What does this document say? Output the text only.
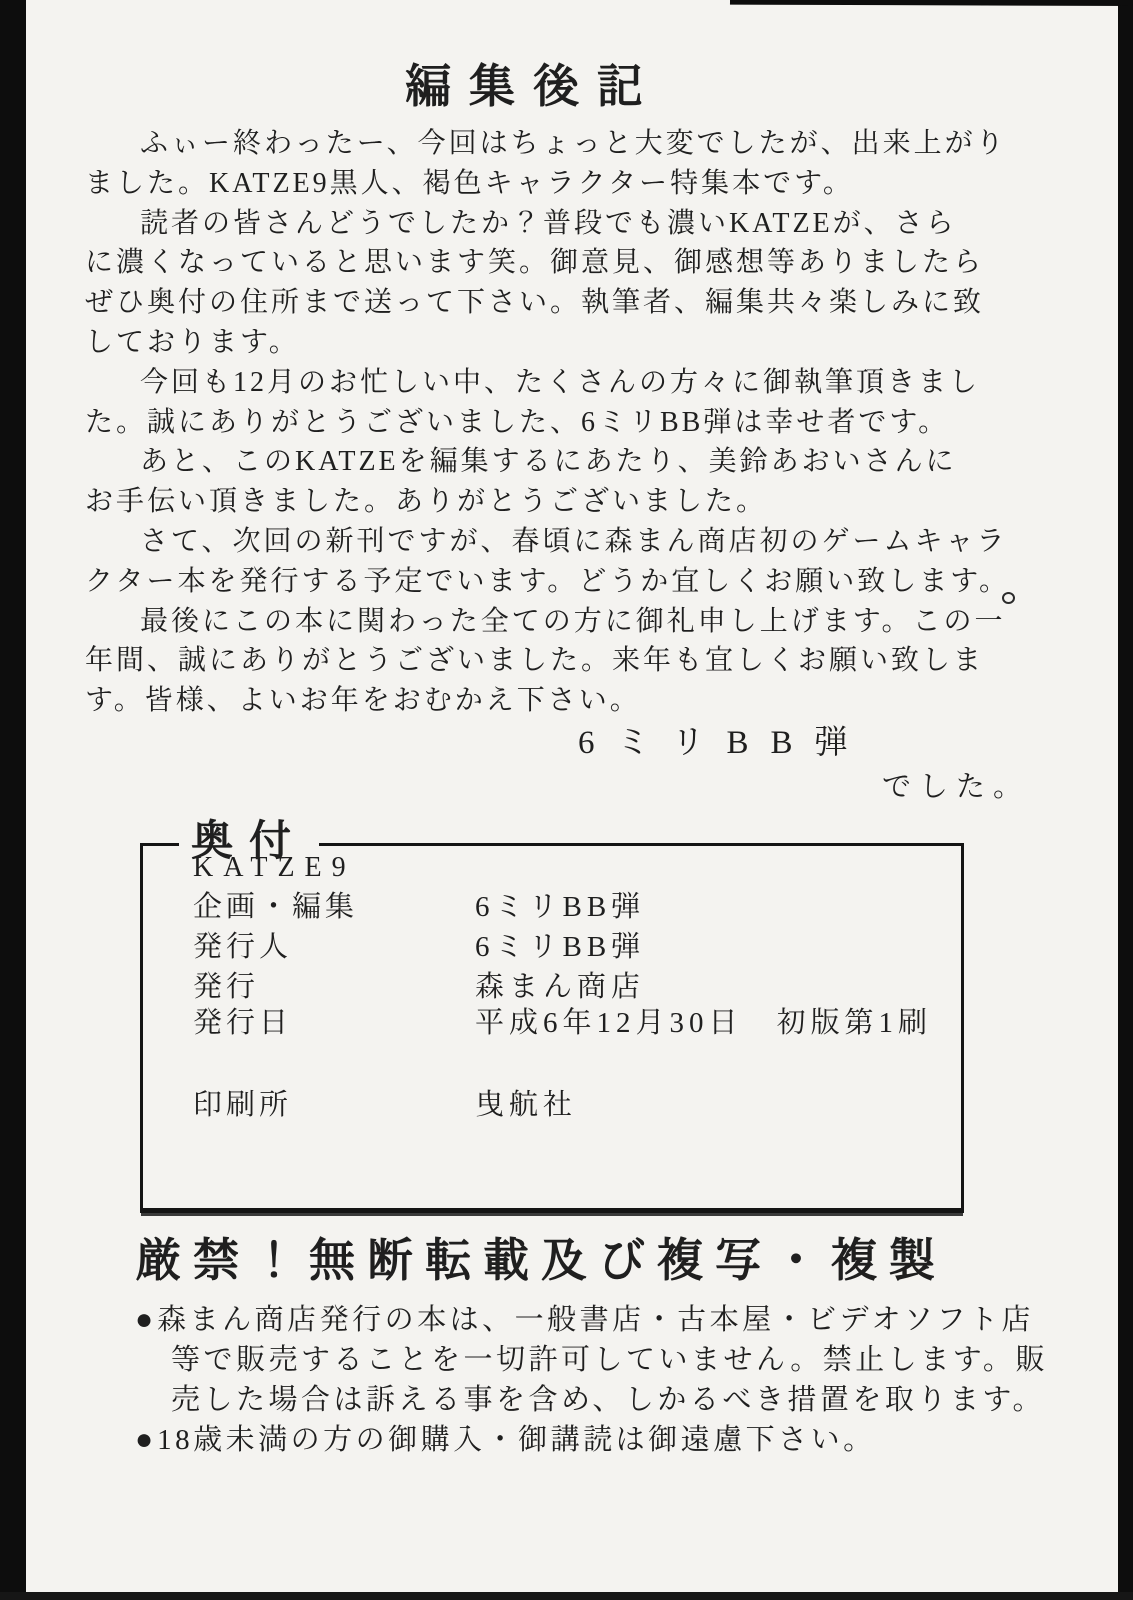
編集後記
ふぃー終わったー、今回はちょっと大変でしたが、出来上がり
ました。KATZE9黒人、褐色キャラクター特集本です。
読者の皆さんどうでしたか？普段でも濃いKATZEが、さら
に濃くなっていると思います笑。御意見、御感想等ありましたら
ぜひ奥付の住所まで送って下さい。執筆者、編集共々楽しみに致
しております。
今回も12月のお忙しい中、たくさんの方々に御執筆頂きまし
た。誠にありがとうございました、6ミリBB弾は幸せ者です。
あと、このKATZEを編集するにあたり、美鈴あおいさんに
お手伝い頂きました。ありがとうございました。
さて、次回の新刊ですが、春頃に森まん商店初のゲームキャラ
クター本を発行する予定でいます。どうか宜しくお願い致します。
最後にこの本に関わった全ての方に御礼申し上げます。この一
年間、誠にありがとうございました。来年も宜しくお願い致しま
す。皆様、よいお年をおむかえ下さい。
6ミリBB弾
でした。
奥付
KATZE9
企画・編集	6ミリBB弾
発行人	6ミリBB弾
発行	森まん商店
発行日	平成6年12月30日　初版第1刷
印刷所	曳航社
厳禁！無断転載及び複写・複製
● 森まん商店発行の本は、一般書店・古本屋・ビデオソフト店
等で販売することを一切許可していません。禁止します。販
売した場合は訴える事を含め、しかるべき措置を取ります。
● 18歳未満の方の御購入・御講読は御遠慮下さい。
